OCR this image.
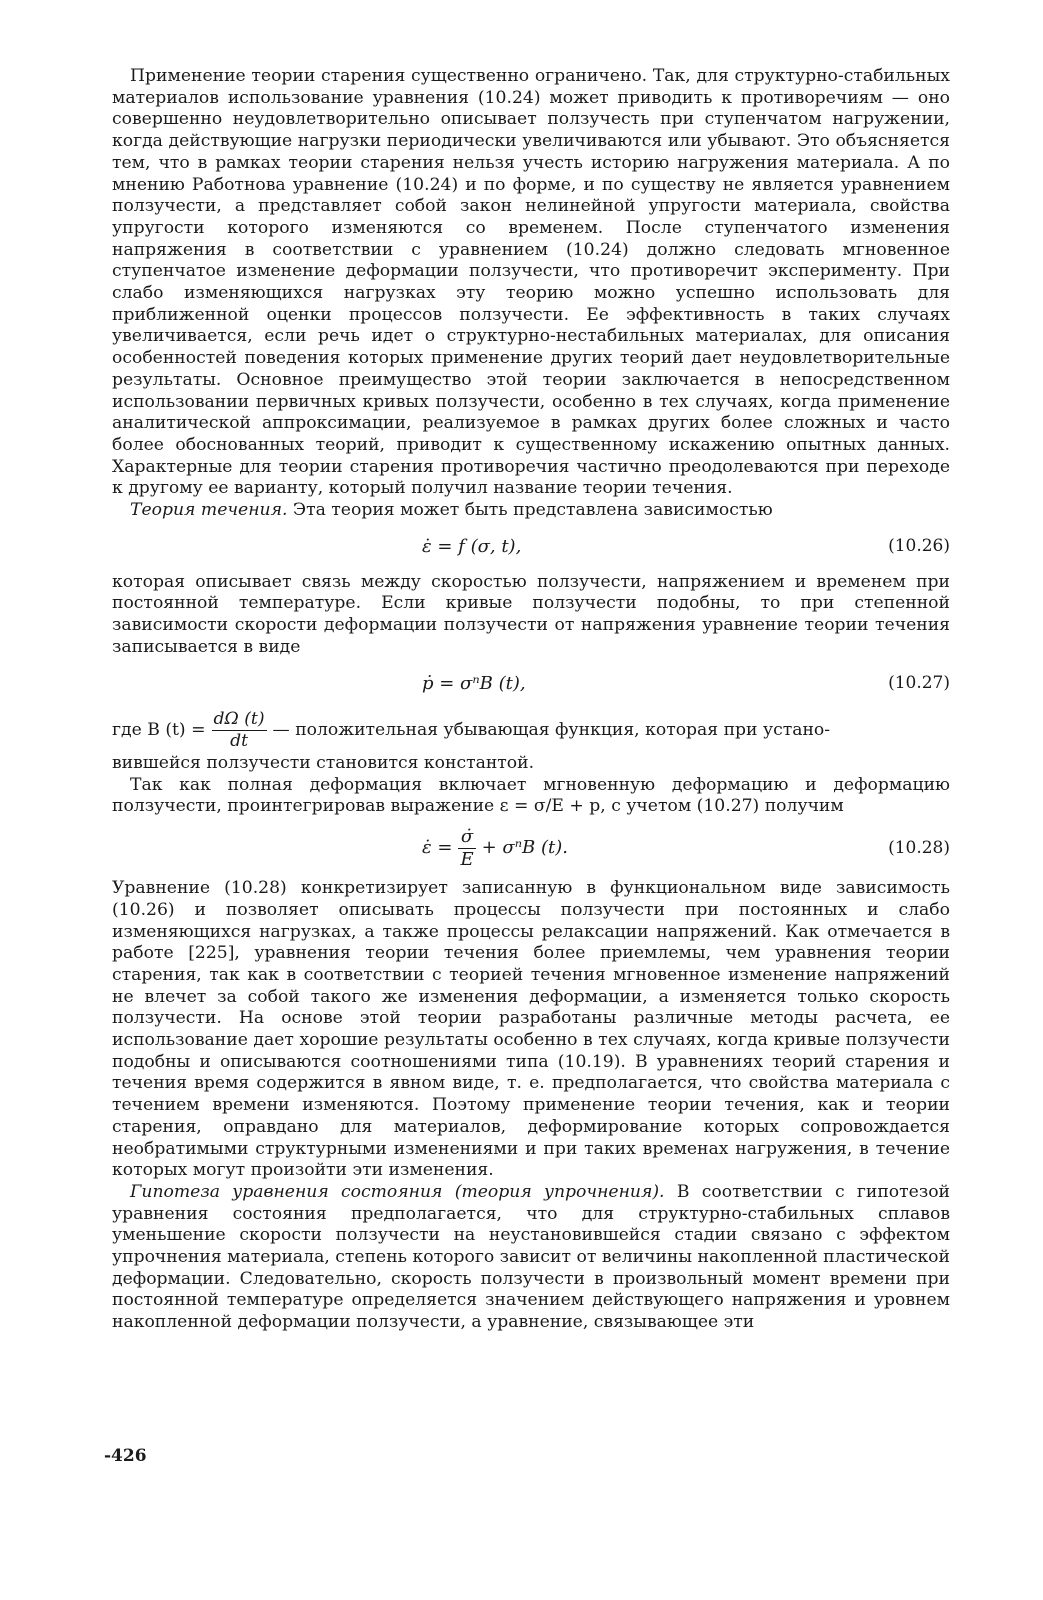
Применение теории старения существенно ограничено. Так, для структурно-стабильных материалов использование уравнения (10.24) может приводить к противоречиям — оно совершенно неудовлетворительно описывает ползучесть при ступенчатом нагружении, когда действующие нагрузки периодически увеличиваются или убывают. Это объясняется тем, что в рамках теории старения нельзя учесть историю нагружения материала. А по мнению Работнова уравнение (10.24) и по форме, и по существу не является уравнением ползучести, а представляет собой закон нелинейной упругости материала, свойства упругости которого изменяются со временем. После ступенчатого изменения напряжения в соответствии с уравнением (10.24) должно следовать мгновенное ступенчатое изменение деформации ползучести, что противоречит эксперименту. При слабо изменяющихся нагрузках эту теорию можно успешно использовать для приближенной оценки процессов ползучести. Ее эффективность в таких случаях увеличивается, если речь идет о структурно-нестабильных материалах, для описания особенностей поведения которых применение других теорий дает неудовлетворительные результаты. Основное преимущество этой теории заключается в непосредственном использовании первичных кривых ползучести, особенно в тех случаях, когда применение аналитической аппроксимации, реализуемое в рамках других более сложных и часто более обоснованных теорий, приводит к существенному искажению опытных данных. Характерные для теории старения противоречия частично преодолеваются при переходе к другому ее варианту, который получил название теории течения.

Теория течения. Эта теория может быть представлена зависимостью

ε̇ = f (σ, t),	(10.26)

которая описывает связь между скоростью ползучести, напряжением и временем при постоянной температуре. Если кривые ползучести подобны, то при степенной зависимости скорости деформации ползучести от напряжения уравнение теории течения записывается в виде

ṗ = σⁿB (t),	(10.27)
где B $(t) = \frac{d\Omega (t)}{dt}$ — положительная убывающая функция, которая при устано-

вившейся ползучести становится константой.

Так как полная деформация включает мгновенную деформацию и деформацию ползучести, проинтегрировав выражение ε = σ/E + p, с учетом (10.27) получим

ε̇ = $\frac{\sigmȧ}{E} + \sigma^nB$ (t).	(10.28)

Уравнение (10.28) конкретизирует записанную в функциональном виде зависимость (10.26) и позволяет описывать процессы ползучести при постоянных и слабо изменяющихся нагрузках, а также процессы релаксации напряжений. Как отмечается в работе [225], уравнения теории течения более приемлемы, чем уравнения теории старения, так как в соответствии с теорией течения мгновенное изменение напряжений не влечет за собой такого же изменения деформации, а изменяется только скорость ползучести. На основе этой теории разработаны различные методы расчета, ее использование дает хорошие результаты особенно в тех случаях, когда кривые ползучести подобны и описываются соотношениями типа (10.19). В уравнениях теорий старения и течения время содержится в явном виде, т. е. предполагается, что свойства материала с течением времени изменяются. Поэтому применение теории течения, как и теории старения, оправдано для материалов, деформирование которых сопровождается необратимыми структурными изменениями и при таких временах нагружения, в течение которых могут произойти эти изменения.

Гипотеза уравнения состояния (теория упрочнения). В соответствии с гипотезой уравнения состояния предполагается, что для структурно-стабильных сплавов уменьшение скорости ползучести на неустановившейся стадии связано с эффектом упрочнения материала, степень которого зависит от величины накопленной пластической деформации. Следовательно, скорость ползучести в произвольный момент времени при постоянной температуре определяется значением действующего напряжения и уровнем накопленной деформации ползучести, а уравнение, связывающее эти

-426
